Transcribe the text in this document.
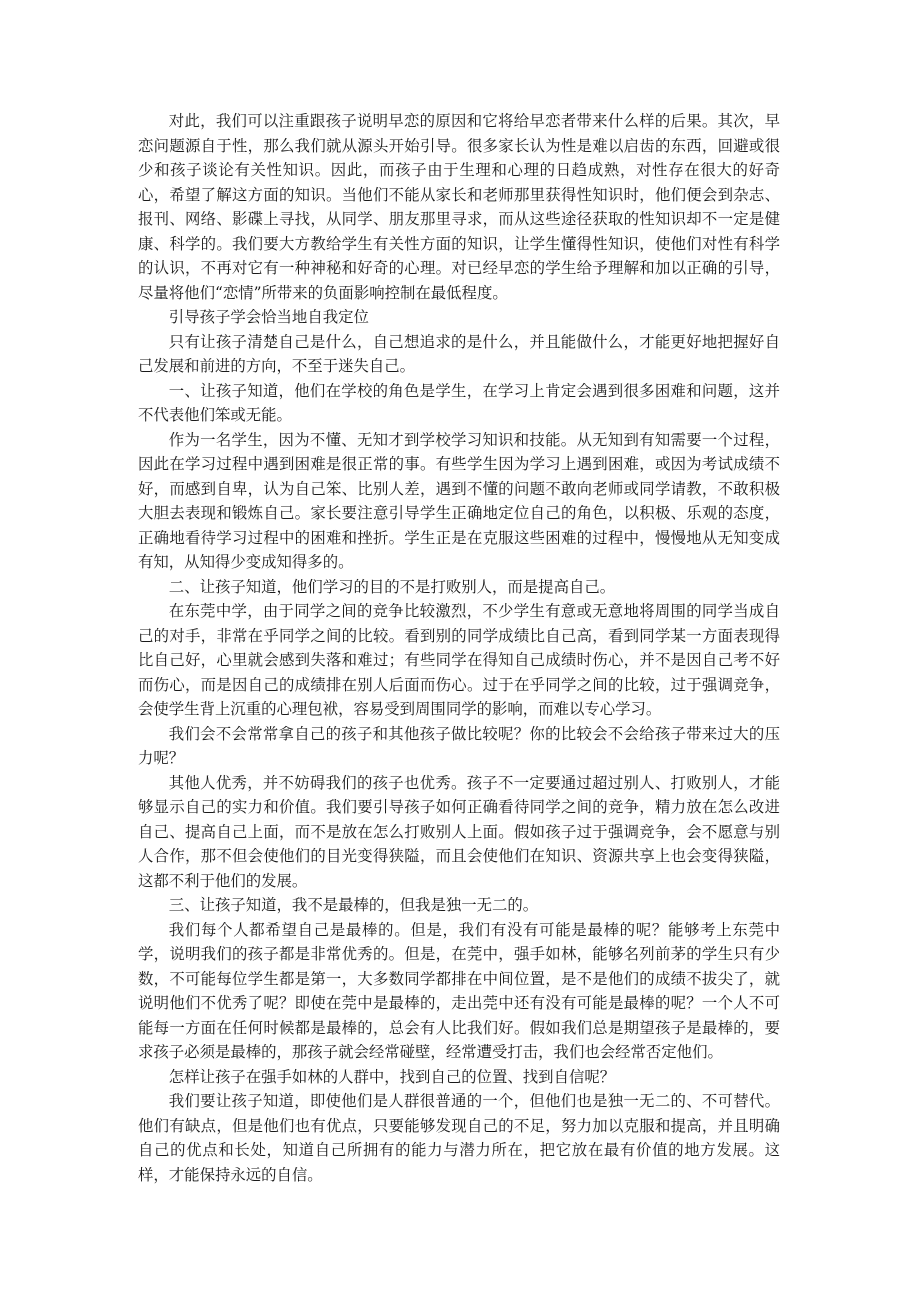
对此，我们可以注重跟孩子说明早恋的原因和它将给早恋者带来什么样的后果。其次，早恋问题源自于性，那么我们就从源头开始引导。很多家长认为性是难以启齿的东西，回避或很少和孩子谈论有关性知识。因此，而孩子由于生理和心理的日趋成熟，对性存在很大的好奇心，希望了解这方面的知识。当他们不能从家长和老师那里获得性知识时，他们便会到杂志、报刊、网络、影碟上寻找，从同学、朋友那里寻求，而从这些途径获取的性知识却不一定是健康、科学的。我们要大方教给学生有关性方面的知识，让学生懂得性知识，使他们对性有科学的认识，不再对它有一种神秘和好奇的心理。对已经早恋的学生给予理解和加以正确的引导，尽量将他们“恋情”所带来的负面影响控制在最低程度。

引导孩子学会恰当地自我定位

只有让孩子清楚自己是什么，自己想追求的是什么，并且能做什么，才能更好地把握好自己发展和前进的方向，不至于迷失自己。

一、让孩子知道，他们在学校的角色是学生，在学习上肯定会遇到很多困难和问题，这并不代表他们笨或无能。

作为一名学生，因为不懂、无知才到学校学习知识和技能。从无知到有知需要一个过程，因此在学习过程中遇到困难是很正常的事。有些学生因为学习上遇到困难，或因为考试成绩不好，而感到自卑，认为自己笨、比别人差，遇到不懂的问题不敢向老师或同学请教，不敢积极大胆去表现和锻炼自己。家长要注意引导学生正确地定位自己的角色，以积极、乐观的态度，正确地看待学习过程中的困难和挫折。学生正是在克服这些困难的过程中，慢慢地从无知变成有知，从知得少变成知得多的。

二、让孩子知道，他们学习的目的不是打败别人，而是提高自己。

在东莞中学，由于同学之间的竞争比较激烈，不少学生有意或无意地将周围的同学当成自己的对手，非常在乎同学之间的比较。看到别的同学成绩比自己高，看到同学某一方面表现得比自己好，心里就会感到失落和难过；有些同学在得知自己成绩时伤心，并不是因自己考不好而伤心，而是因自己的成绩排在别人后面而伤心。过于在乎同学之间的比较，过于强调竞争，会使学生背上沉重的心理包袱，容易受到周围同学的影响，而难以专心学习。

我们会不会常常拿自己的孩子和其他孩子做比较呢？你的比较会不会给孩子带来过大的压力呢？

其他人优秀，并不妨碍我们的孩子也优秀。孩子不一定要通过超过别人、打败别人，才能够显示自己的实力和价值。我们要引导孩子如何正确看待同学之间的竞争，精力放在怎么改进自己、提高自己上面，而不是放在怎么打败别人上面。假如孩子过于强调竞争，会不愿意与别人合作，那不但会使他们的目光变得狭隘，而且会使他们在知识、资源共享上也会变得狭隘，这都不利于他们的发展。

三、让孩子知道，我不是最棒的，但我是独一无二的。

我们每个人都希望自己是最棒的。但是，我们有没有可能是最棒的呢？能够考上东莞中学，说明我们的孩子都是非常优秀的。但是，在莞中，强手如林，能够名列前茅的学生只有少数，不可能每位学生都是第一，大多数同学都排在中间位置，是不是他们的成绩不拔尖了，就说明他们不优秀了呢？即使在莞中是最棒的，走出莞中还有没有可能是最棒的呢？一个人不可能每一方面在任何时候都是最棒的，总会有人比我们好。假如我们总是期望孩子是最棒的，要求孩子必须是最棒的，那孩子就会经常碰壁，经常遭受打击，我们也会经常否定他们。

怎样让孩子在强手如林的人群中，找到自己的位置、找到自信呢？

我们要让孩子知道，即使他们是人群很普通的一个，但他们也是独一无二的、不可替代。他们有缺点，但是他们也有优点，只要能够发现自己的不足，努力加以克服和提高，并且明确自己的优点和长处，知道自己所拥有的能力与潜力所在，把它放在最有价值的地方发展。这样，才能保持永远的自信。
